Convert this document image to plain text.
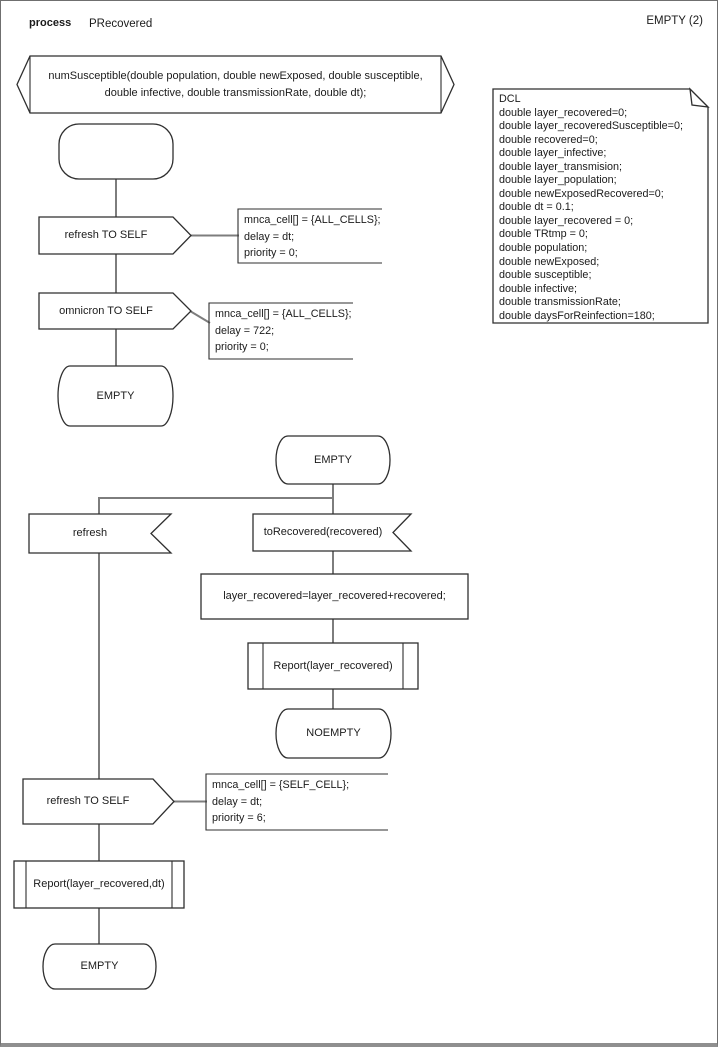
process PRecovered	EMPTY (2)
numSusceptible(double population, double newExposed, double susceptible,
double infective, double transmissionRate, double dt);
refresh TO SELF
omnicron TO SELF
EMPTY
EMPTY
refresh	toRecovered(recovered)
layer_recovered=layer_recovered+recovered;
Report(layer_recovered)
NOEMPTY
refresh TO SELF
Report(layer_recovered,dt)
EMPTY
mnca_cell[] = {ALL_CELLS};
delay = dt;
priority = 0;
mnca_cell[] = {ALL_CELLS};
delay = 722;
priority = 0;
mnca_cell[] = {SELF_CELL};
delay = dt;
priority = 6;
DCL
double layer_recovered=0;
double layer_recoveredSusceptible=0;
double recovered=0;
double layer_infective;
double layer_transmision;
double layer_population;
double newExposedRecovered=0;
double dt = 0.1;
double layer_recovered = 0;
double TRtmp = 0;
double population;
double newExposed;
double susceptible;
double infective;
double transmissionRate;
double daysForReinfection=180;
